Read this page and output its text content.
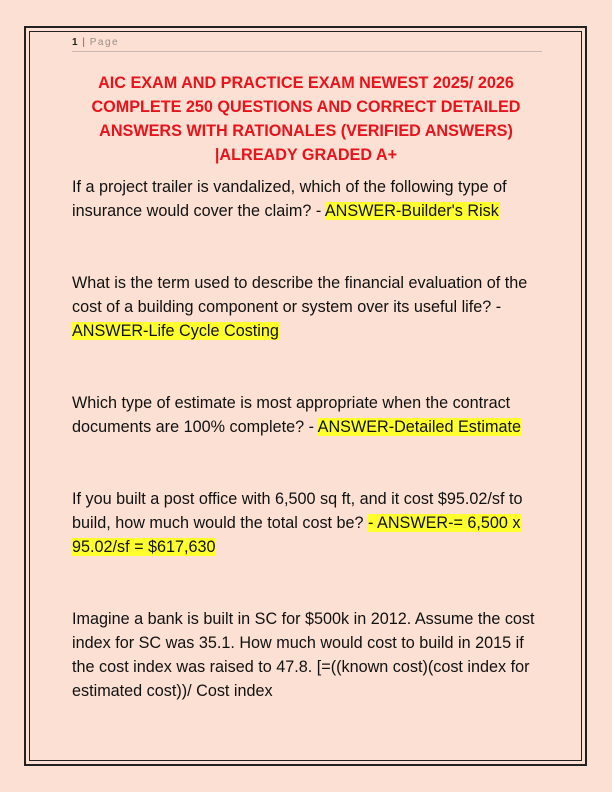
1 | Page
AIC EXAM AND PRACTICE EXAM NEWEST 2025/ 2026 COMPLETE 250 QUESTIONS AND CORRECT DETAILED ANSWERS WITH RATIONALES (VERIFIED ANSWERS) |ALREADY GRADED A+

If a project trailer is vandalized, which of the following type of insurance would cover the claim? - ANSWER-Builder's Risk

What is the term used to describe the financial evaluation of the cost of a building component or system over its useful life? - ANSWER-Life Cycle Costing

Which type of estimate is most appropriate when the contract documents are 100% complete? - ANSWER-Detailed Estimate

If you built a post office with 6,500 sq ft, and it cost $95.02/sf to build, how much would the total cost be? - ANSWER-= 6,500 x 95.02/sf = $617,630

Imagine a bank is built in SC for $500k in 2012. Assume the cost index for SC was 35.1. How much would cost to build in 2015 if the cost index was raised to 47.8. [=((known cost)(cost index for estimated cost))/ Cost index
